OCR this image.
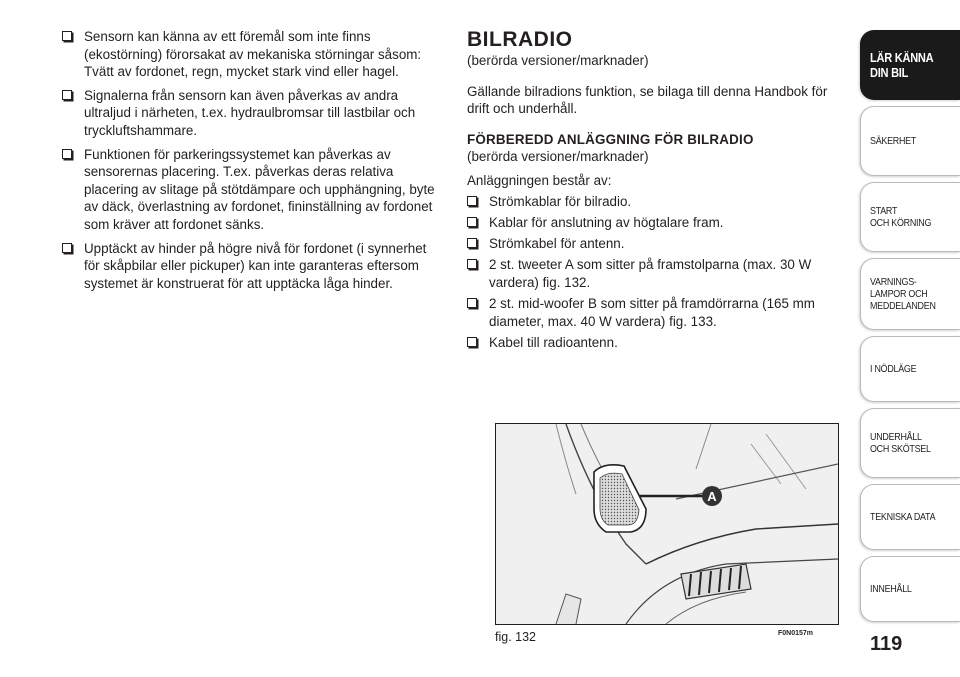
Sensorn kan känna av ett föremål som inte finns (ekostörning) förorsakat av mekaniska störningar såsom: Tvätt av fordonet, regn, mycket stark vind eller hagel.
Signalerna från sensorn kan även påverkas av andra ultraljud i närheten, t.ex. hydraulbromsar till lastbilar och tryckluftshammare.
Funktionen för parkeringssystemet kan påverkas av sensorernas placering. T.ex. påverkas deras relativa placering av slitage på stötdämpare och upphängning, byte av däck, överlastning av fordonet, fininställning av fordonet som kräver att fordonet sänks.
Upptäckt av hinder på högre nivå för fordonet (i synnerhet för skåpbilar eller pickuper) kan inte garanteras eftersom systemet är konstruerat för att upptäcka låga hinder.
BILRADIO

(berörda versioner/marknader)

Gällande bilradions funktion, se bilaga till denna Handbok för drift och underhåll.

FÖRBEREDD ANLÄGGNING FÖR BILRADIO

(berörda versioner/marknader)

Anläggningen består av:

Strömkablar för bilradio.
Kablar för anslutning av högtalare fram.
Strömkabel för antenn.
2 st. tweeter A som sitter på framstolparna (max. 30 W vardera) fig. 132.
2 st. mid-woofer B som sitter på framdörrarna (165 mm diameter, max. 40 W vardera) fig. 133.
Kabel till radioantenn.
A
fig. 132	F0N0157m
LÄR KÄNNA
DIN BIL
SÄKERHET
START
OCH KÖRNING
VARNINGS-
LAMPOR OCH
MEDDELANDEN
I NÖDLÄGE
UNDERHÅLL
OCH SKÖTSEL
TEKNISKA DATA
INNEHÅLL
119
